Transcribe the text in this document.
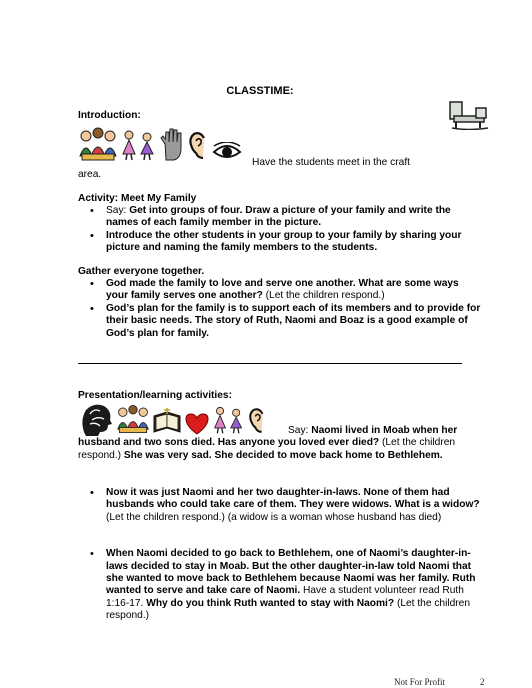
CLASSTIME:
Introduction:
Have the students meet in the craft
area.
Activity: Meet My Family
• Say: Get into groups of four. Draw a picture of your family and write the names of each family member in the picture.
• Introduce the other students in your group to your family by sharing your picture and naming the family members to the students.
Gather everyone together.
• God made the family to love and serve one another. What are some ways your family serves one another? (Let the children respond.)
• God’s plan for the family is to support each of its members and to provide for their basic needs. The story of Ruth, Naomi and Boaz is a good example of God’s plan for family.
Presentation/learning activities:
Say: Naomi lived in Moab when her husband and two sons died. Has anyone you loved ever died? (Let the children respond.) She was very sad. She decided to move back home to Bethlehem.
• Now it was just Naomi and her two daughter-in-laws. None of them had husbands who could take care of them. They were widows. What is a widow? (Let the children respond.) (a widow is a woman whose husband has died)
• When Naomi decided to go back to Bethlehem, one of Naomi’s daughter-in-laws decided to stay in Moab. But the other daughter-in-law told Naomi that she wanted to move back to Bethlehem because Naomi was her family. Ruth wanted to serve and take care of Naomi. Have a student volunteer read Ruth 1:16-17. Why do you think Ruth wanted to stay with Naomi? (Let the children respond.)
Not For Profit	2
